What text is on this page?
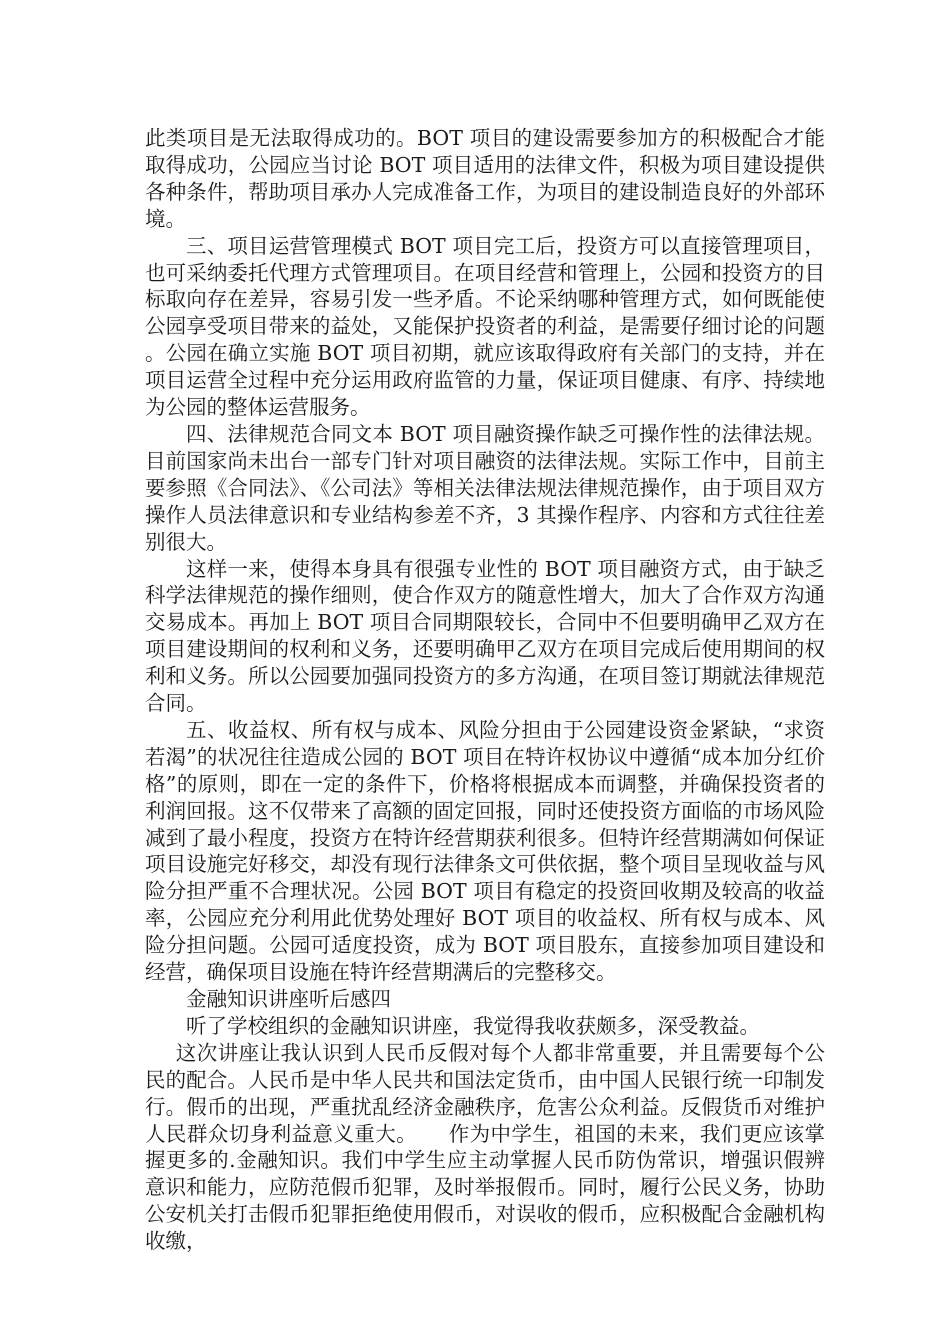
此类项目是无法取得成功的。BOT 项目的建设需要参加方的积极配合才能取得成功，公园应当讨论 BOT 项目适用的法律文件，积极为项目建设提供各种条件，帮助项目承办人完成准备工作，为项目的建设制造良好的外部环境。

三、项目运营管理模式 BOT 项目完工后，投资方可以直接管理项目，也可采纳委托代理方式管理项目。在项目经营和管理上，公园和投资方的目标取向存在差异，容易引发一些矛盾。不论采纳哪种管理方式，如何既能使公园享受项目带来的益处，又能保护投资者的利益，是需要仔细讨论的问题。公园在确立实施 BOT 项目初期，就应该取得政府有关部门的支持，并在项目运营全过程中充分运用政府监管的力量，保证项目健康、有序、持续地为公园的整体运营服务。

四、法律规范合同文本 BOT 项目融资操作缺乏可操作性的法律法规。目前国家尚未出台一部专门针对项目融资的法律法规。实际工作中，目前主要参照《合同法》、《公司法》等相关法律法规法律规范操作，由于项目双方操作人员法律意识和专业结构参差不齐，3 其操作程序、内容和方式往往差别很大。

这样一来，使得本身具有很强专业性的 BOT 项目融资方式，由于缺乏科学法律规范的操作细则，使合作双方的随意性增大，加大了合作双方沟通交易成本。再加上 BOT 项目合同期限较长，合同中不但要明确甲乙双方在项目建设期间的权利和义务，还要明确甲乙双方在项目完成后使用期间的权利和义务。所以公园要加强同投资方的多方沟通，在项目签订期就法律规范合同。

五、收益权、所有权与成本、风险分担由于公园建设资金紧缺，“求资若渴”的状况往往造成公园的 BOT 项目在特许权协议中遵循“成本加分红价格”的原则，即在一定的条件下，价格将根据成本而调整，并确保投资者的利润回报。这不仅带来了高额的固定回报，同时还使投资方面临的市场风险减到了最小程度，投资方在特许经营期获利很多。但特许经营期满如何保证项目设施完好移交，却没有现行法律条文可供依据，整个项目呈现收益与风险分担严重不合理状况。公园 BOT 项目有稳定的投资回收期及较高的收益率，公园应充分利用此优势处理好 BOT 项目的收益权、所有权与成本、风险分担问题。公园可适度投资，成为 BOT 项目股东，直接参加项目建设和经营，确保项目设施在特许经营期满后的完整移交。

金融知识讲座听后感四

听了学校组织的金融知识讲座，我觉得我收获颇多，深受教益。

这次讲座让我认识到人民币反假对每个人都非常重要，并且需要每个公民的配合。人民币是中华人民共和国法定货币，由中国人民银行统一印制发行。假币的出现，严重扰乱经济金融秩序，危害公众利益。反假货币对维护人民群众切身利益意义重大。　　作为中学生，祖国的未来，我们更应该掌握更多的.金融知识。我们中学生应主动掌握人民币防伪常识，增强识假辨意识和能力，应防范假币犯罪，及时举报假币。同时，履行公民义务，协助公安机关打击假币犯罪拒绝使用假币，对误收的假币，应积极配合金融机构收缴，
